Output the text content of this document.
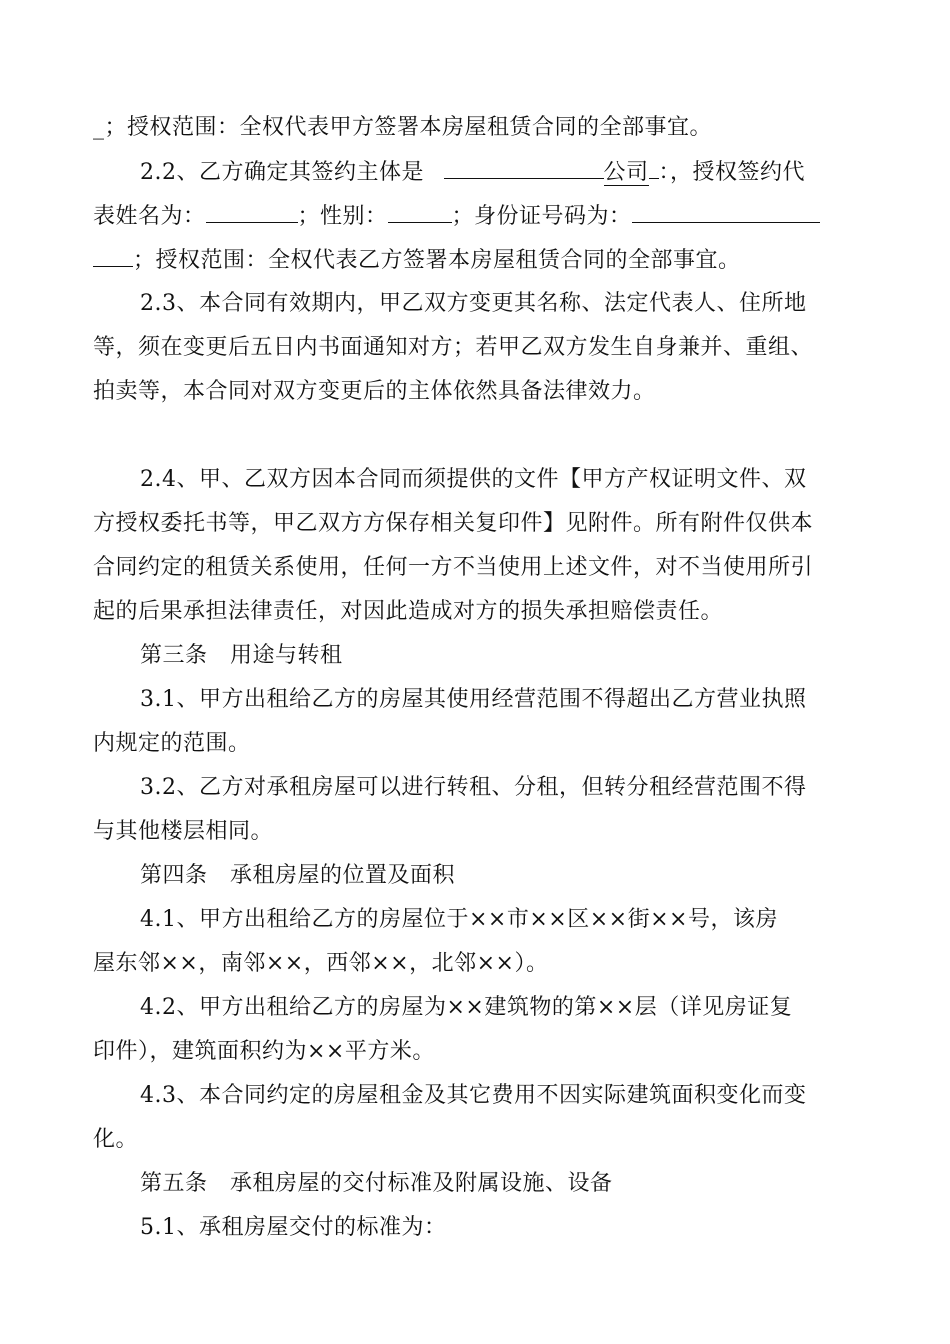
_；授权范围：全权代表甲方签署本房屋租赁合同的全部事宜。
2.2、乙方确定其签约主体是	公司 ：，授权签约代
表姓名为：	；性别：	；身份证号码为：
；授权范围：全权代表乙方签署本房屋租赁合同的全部事宜。
2.3、本合同有效期内，甲乙双方变更其名称、法定代表人、住所地
等，须在变更后五日内书面通知对方；若甲乙双方发生自身兼并、重组、
拍卖等，本合同对双方变更后的主体依然具备法律效力。
2.4、甲、乙双方因本合同而须提供的文件【甲方产权证明文件、双
方授权委托书等，甲乙双方方保存相关复印件】见附件。所有附件仅供本
合同约定的租赁关系使用，任何一方不当使用上述文件，对不当使用所引
起的后果承担法律责任，对因此造成对方的损失承担赔偿责任。
第三条　用途与转租
3.1、甲方出租给乙方的房屋其使用经营范围不得超出乙方营业执照
内规定的范围。
3.2、乙方对承租房屋可以进行转租、分租，但转分租经营范围不得
与其他楼层相同。
第四条　承租房屋的位置及面积
4.1、甲方出租给乙方的房屋位于××市××区××街××号，该房
屋东邻××，南邻××，西邻××，北邻××）。
4.2、甲方出租给乙方的房屋为××建筑物的第××层（详见房证复
印件），建筑面积约为××平方米。
4.3、本合同约定的房屋租金及其它费用不因实际建筑面积变化而变
化。
第五条　承租房屋的交付标准及附属设施、设备
5.1、承租房屋交付的标准为：
